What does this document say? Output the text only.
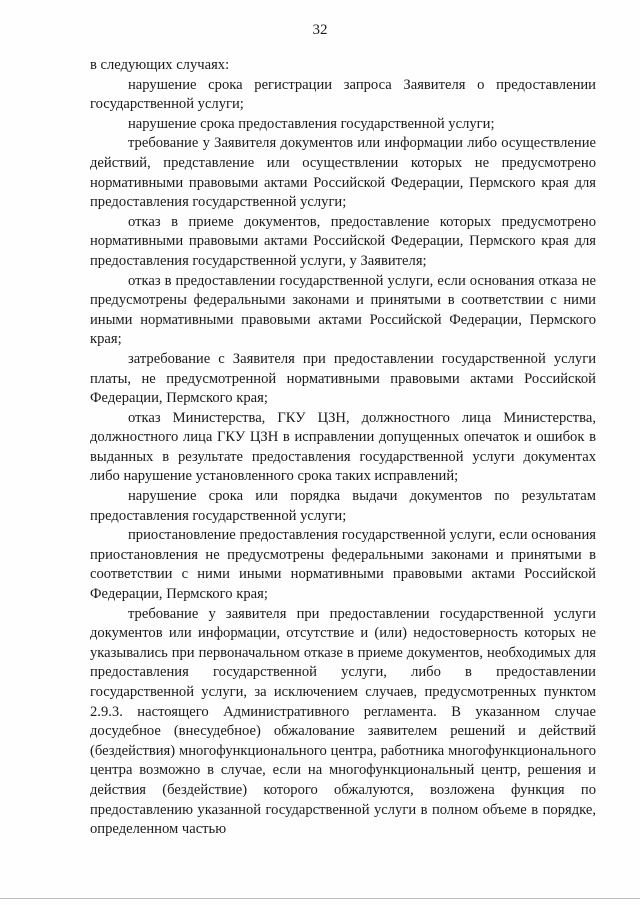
32

в следующих случаях:

нарушение срока регистрации запроса Заявителя о предоставлении государственной услуги;

нарушение срока предоставления государственной услуги;

требование у Заявителя документов или информации либо осуществление действий, представление или осуществлении которых не предусмотрено нормативными правовыми актами Российской Федерации, Пермского края для предоставления государственной услуги;

отказ в приеме документов, предоставление которых предусмотрено нормативными правовыми актами Российской Федерации, Пермского края для предоставления государственной услуги, у Заявителя;

отказ в предоставлении государственной услуги, если основания отказа не предусмотрены федеральными законами и принятыми в соответствии с ними иными нормативными правовыми актами Российской Федерации, Пермского края;

затребование с Заявителя при предоставлении государственной услуги платы, не предусмотренной нормативными правовыми актами Российской Федерации, Пермского края;

отказ Министерства, ГКУ ЦЗН, должностного лица Министерства, должностного лица ГКУ ЦЗН в исправлении допущенных опечаток и ошибок в выданных в результате предоставления государственной услуги документах либо нарушение установленного срока таких исправлений;

нарушение срока или порядка выдачи документов по результатам предоставления государственной услуги;

приостановление предоставления государственной услуги, если основания приостановления не предусмотрены федеральными законами и принятыми в соответствии с ними иными нормативными правовыми актами Российской Федерации, Пермского края;

требование у заявителя при предоставлении государственной услуги документов или информации, отсутствие и (или) недостоверность которых не указывались при первоначальном отказе в приеме документов, необходимых для предоставления государственной услуги, либо в предоставлении государственной услуги, за исключением случаев, предусмотренных пунктом 2.9.3. настоящего Административного регламента. В указанном случае досудебное (внесудебное) обжалование заявителем решений и действий (бездействия) многофункционального центра, работника многофункционального центра возможно в случае, если на многофункциональный центр, решения и действия (бездействие) которого обжалуются, возложена функция по предоставлению указанной государственной услуги в полном объеме в порядке, определенном частью
